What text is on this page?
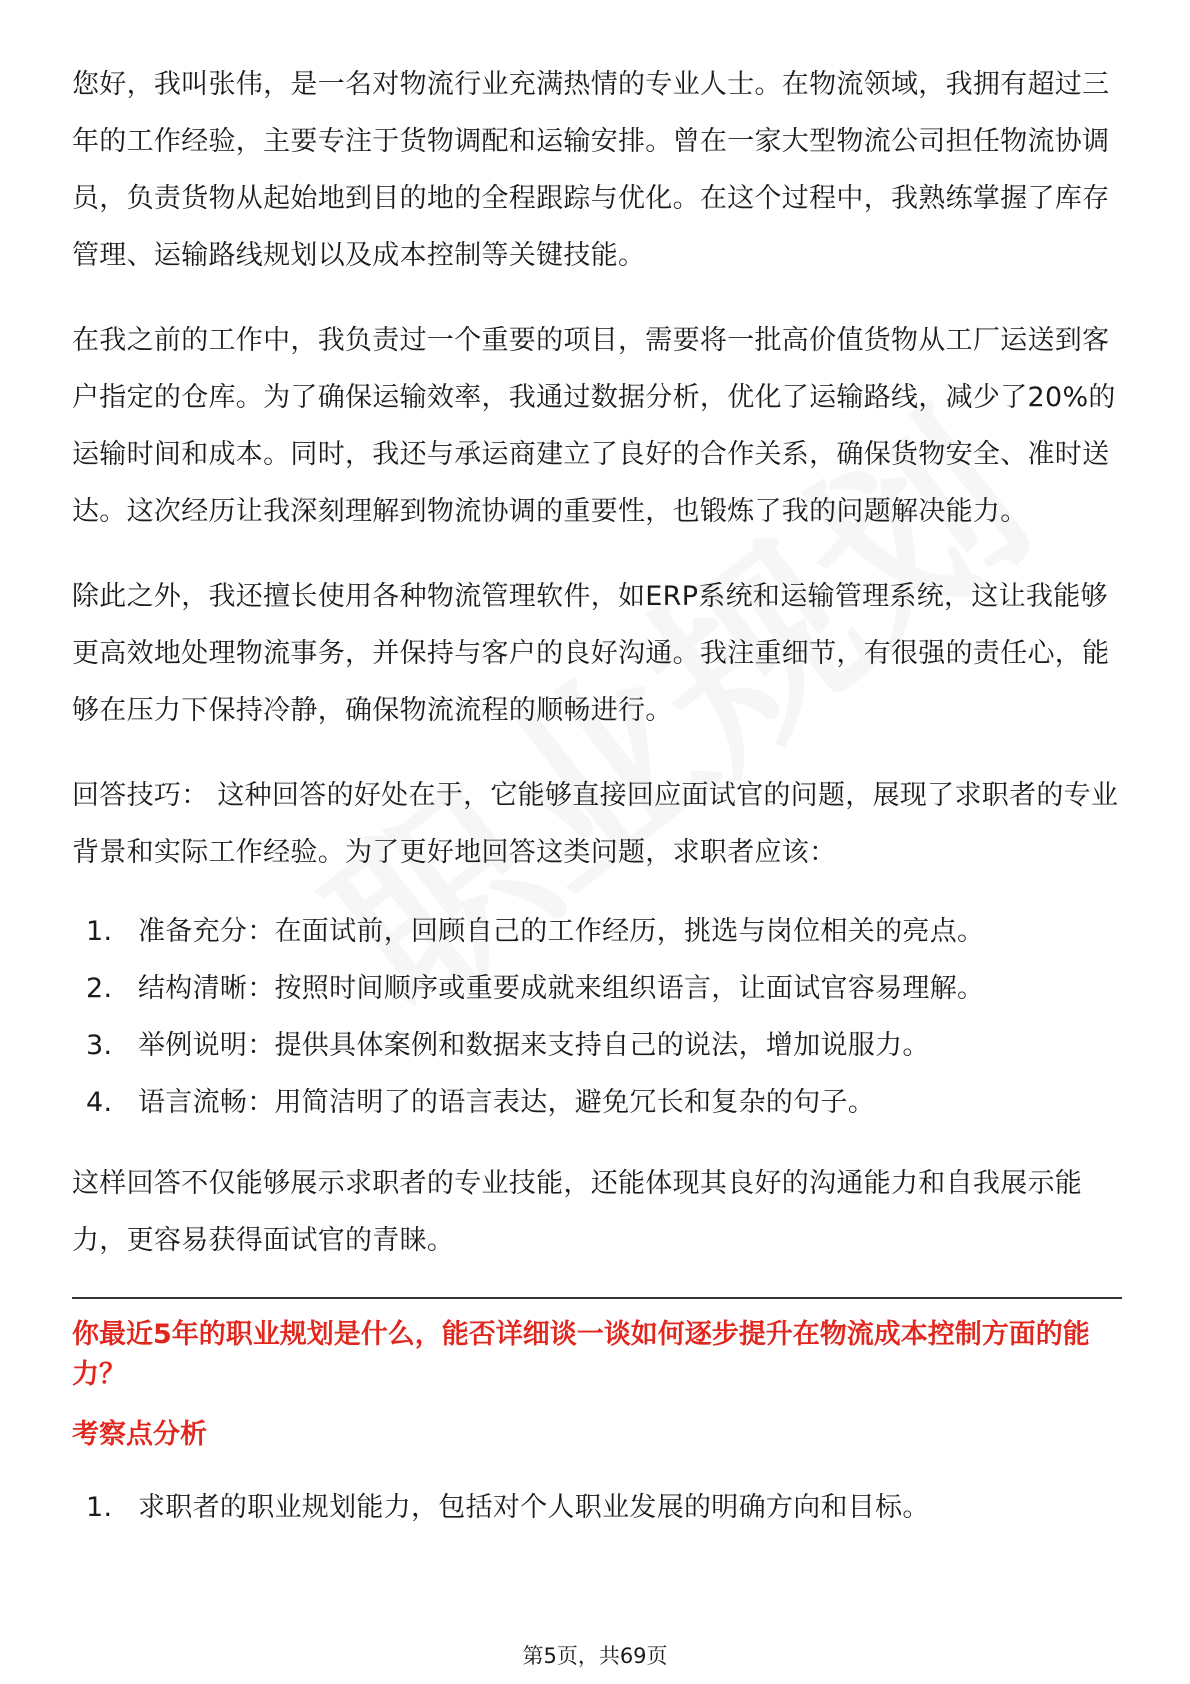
您好，我叫张伟，是一名对物流行业充满热情的专业人士。在物流领域，我拥有超过三年的工作经验，主要专注于货物调配和运输安排。曾在一家大型物流公司担任物流协调员，负责货物从起始地到目的地的全程跟踪与优化。在这个过程中，我熟练掌握了库存管理、运输路线规划以及成本控制等关键技能。

在我之前的工作中，我负责过一个重要的项目，需要将一批高价值货物从工厂运送到客户指定的仓库。为了确保运输效率，我通过数据分析，优化了运输路线，减少了20%的运输时间和成本。同时，我还与承运商建立了良好的合作关系，确保货物安全、准时送达。这次经历让我深刻理解到物流协调的重要性，也锻炼了我的问题解决能力。

除此之外，我还擅长使用各种物流管理软件，如ERP系统和运输管理系统，这让我能够更高效地处理物流事务，并保持与客户的良好沟通。我注重细节，有很强的责任心，能够在压力下保持冷静，确保物流流程的顺畅进行。

回答技巧： 这种回答的好处在于，它能够直接回应面试官的问题，展现了求职者的专业背景和实际工作经验。为了更好地回答这类问题，求职者应该：

1. 准备充分：在面试前，回顾自己的工作经历，挑选与岗位相关的亮点。
2. 结构清晰：按照时间顺序或重要成就来组织语言，让面试官容易理解。
3. 举例说明：提供具体案例和数据来支持自己的说法，增加说服力。
4. 语言流畅：用简洁明了的语言表达，避免冗长和复杂的句子。

这样回答不仅能够展示求职者的专业技能，还能体现其良好的沟通能力和自我展示能力，更容易获得面试官的青睐。

你最近5年的职业规划是什么，能否详细谈一谈如何逐步提升在物流成本控制方面的能力？
考察点分析
1. 求职者的职业规划能力，包括对个人职业发展的明确方向和目标。
第5页，共69页
